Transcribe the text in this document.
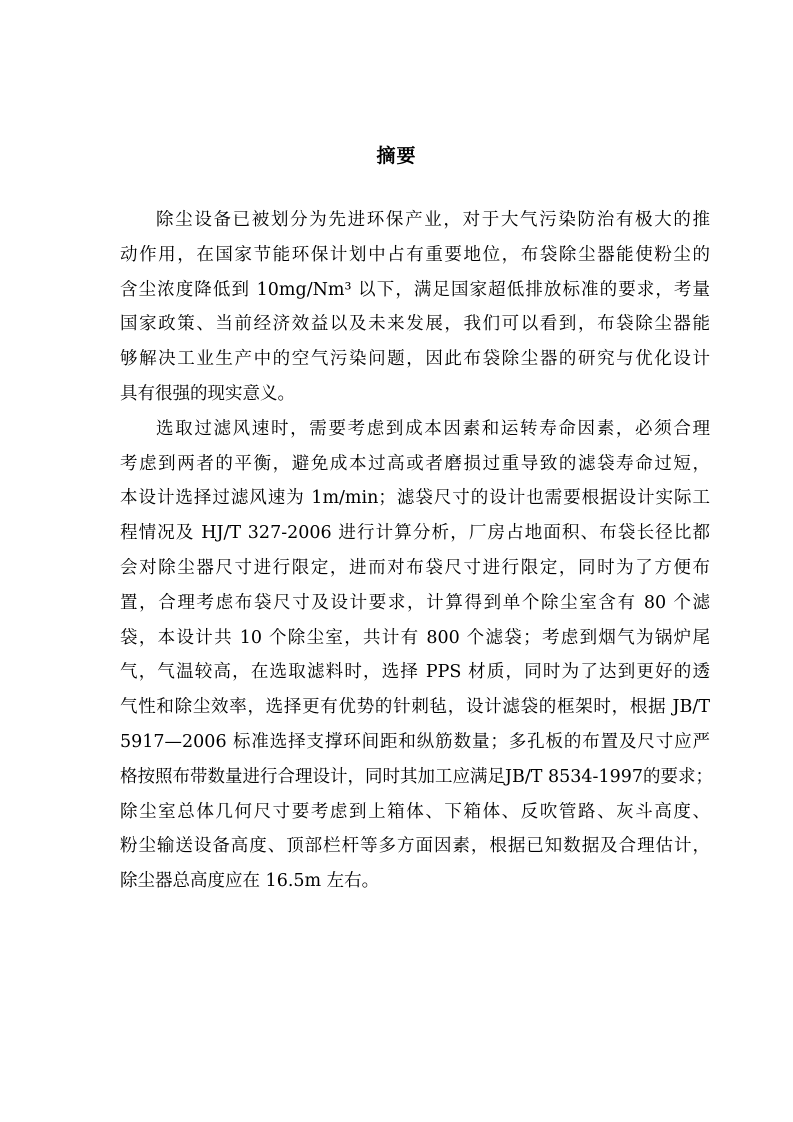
摘要
除尘设备已被划分为先进环保产业，对于大气污染防治有极大的推
动作用，在国家节能环保计划中占有重要地位，布袋除尘器能使粉尘的
含尘浓度降低到 10mg/Nm³ 以下，满足国家超低排放标准的要求，考量
国家政策、当前经济效益以及未来发展，我们可以看到，布袋除尘器能
够解决工业生产中的空气污染问题，因此布袋除尘器的研究与优化设计
具有很强的现实意义。
选取过滤风速时，需要考虑到成本因素和运转寿命因素，必须合理
考虑到两者的平衡，避免成本过高或者磨损过重导致的滤袋寿命过短，
本设计选择过滤风速为 1m/min；滤袋尺寸的设计也需要根据设计实际工
程情况及 HJ/T 327-2006 进行计算分析，厂房占地面积、布袋长径比都
会对除尘器尺寸进行限定，进而对布袋尺寸进行限定，同时为了方便布
置，合理考虑布袋尺寸及设计要求，计算得到单个除尘室含有 80 个滤
袋，本设计共 10 个除尘室，共计有 800 个滤袋；考虑到烟气为锅炉尾
气，气温较高，在选取滤料时，选择 PPS 材质，同时为了达到更好的透
气性和除尘效率，选择更有优势的针刺毡，设计滤袋的框架时，根据 JB/T
5917—2006 标准选择支撑环间距和纵筋数量；多孔板的布置及尺寸应严
格按照布带数量进行合理设计，同时其加工应满足JB/T 8534-1997的要求；
除尘室总体几何尺寸要考虑到上箱体、下箱体、反吹管路、灰斗高度、
粉尘输送设备高度、顶部栏杆等多方面因素，根据已知数据及合理估计，
除尘器总高度应在 16.5m 左右。
